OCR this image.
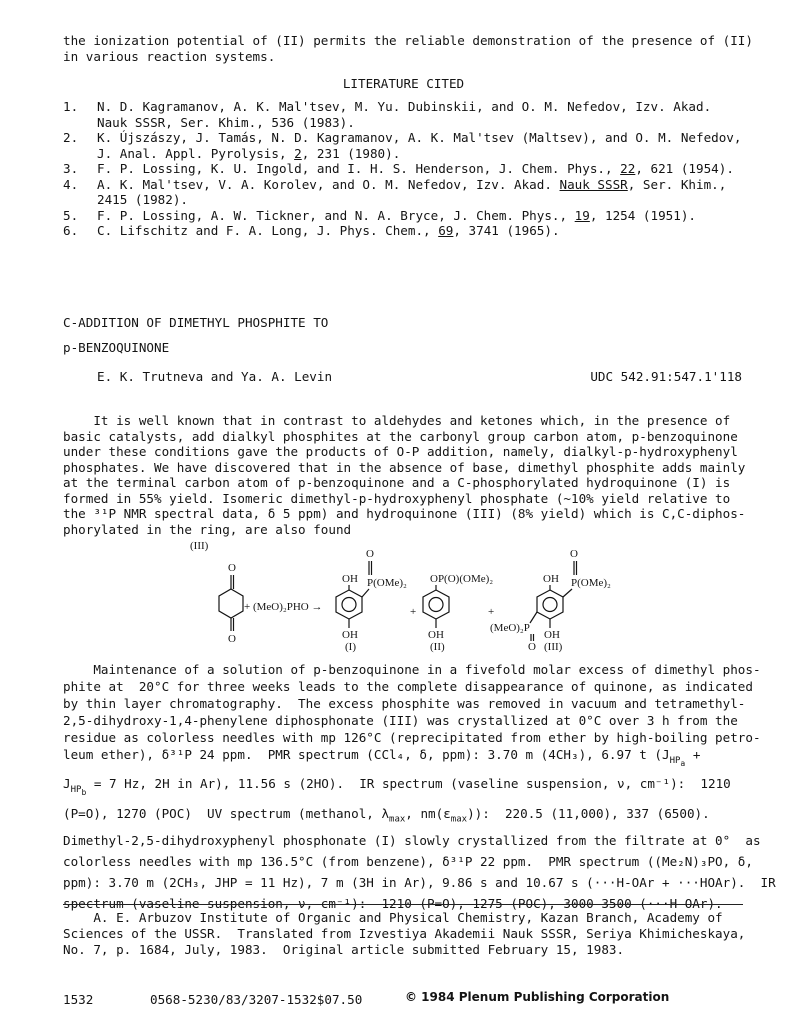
the ionization potential of (II) permits the reliable demonstration of the presence of (II)
in various reaction systems.
LITERATURE CITED
1. N. D. Kagramanov, A. K. Mal'tsev, M. Yu. Dubinskii, and O. M. Nefedov, Izv. Akad.
Nauk SSSR, Ser. Khim., 536 (1983).
2. K. Újszászy, J. Tamás, N. D. Kagramanov, A. K. Mal'tsev (Maltsev), and O. M. Nefedov,
J. Anal. Appl. Pyrolysis, 2, 231 (1980).
3. F. P. Lossing, K. U. Ingold, and I. H. S. Henderson, J. Chem. Phys., 22, 621 (1954).
4. A. K. Mal'tsev, V. A. Korolev, and O. M. Nefedov, Izv. Akad. Nauk SSSR, Ser. Khim.,
2415 (1982).
5. F. P. Lossing, A. W. Tickner, and N. A. Bryce, J. Chem. Phys., 19, 1254 (1951).
6. C. Lifschitz and F. A. Long, J. Phys. Chem., 69, 3741 (1965).
C-ADDITION OF DIMETHYL PHOSPHITE TO
p-BENZOQUINONE
E. K. Trutneva and Ya. A. Levin	UDC 542.91:547.1'118
It is well known that in contrast to aldehydes and ketones which, in the presence of
basic catalysts, add dialkyl phosphites at the carbonyl group carbon atom, p-benzoquinone
under these conditions gave the products of O-P addition, namely, dialkyl-p-hydroxyphenyl
phosphates. We have discovered that in the absence of base, dimethyl phosphite adds mainly
at the terminal carbon atom of p-benzoquinone and a C-phosphorylated hydroquinone (I) is
formed in 55% yield. Isomeric dimethyl-p-hydroxyphenyl phosphate (~10% yield relative to
the ³¹P NMR spectral data, δ 5 ppm) and hydroquinone (III) (8% yield) which is C,C-diphos-
phorylated in the ring, are also found
(III)
O
O
+ (MeO)₂PHO →
OH
O
P(OMe)₂
OH
(I)
+
OP(O)(OMe)₂
OH
(II)
+
OH
O
P(OMe)₂
(MeO)₂P
OH
O (III)
Maintenance of a solution of p-benzoquinone in a fivefold molar excess of dimethyl phos-
phite at  20°C for three weeks leads to the complete disappearance of quinone, as indicated
by thin layer chromatography.  The excess phosphite was removed in vacuum and tetramethyl-
2,5-dihydroxy-1,4-phenylene diphosphonate (III) was crystallized at 0°C over 3 h from the
residue as colorless needles with mp 126°C (reprecipitated from ether by high-boiling petro-
leum ether), δ³¹P 24 ppm.  PMR spectrum (CCl₄, δ, ppm): 3.70 m (4CH₃), 6.97 t ($J_{HP_a}$ +
$J_{HP_b} = 7$ Hz, 2H in Ar), 11.56 s (2HO).  IR spectrum (vaseline suspension, ν, cm⁻¹):  1210
(P=O), 1270 (POC)  UV spectrum (methanol, $\lambda_{max}$, $nm(\varepsilon_{max})$):  220.5 (11,000), 337 (6500).
Dimethyl-2,5-dihydroxyphenyl phosphonate (I) slowly crystallized from the filtrate at 0°  as
colorless needles with mp 136.5°C (from benzene), δ³¹P 22 ppm.  PMR spectrum ((Me₂N)₃PO, δ,
ppm): 3.70 m (2CH₃, JHP = 11 Hz), 7 m (3H in Ar), 9.86 s and 10.67 s (···H-OAr + ···HOAr).  IR
spectrum (vaseline suspension, ν, cm⁻¹):  1210 (P=O), 1275 (POC), 3000-3500 (···H-OAr).
A. E. Arbuzov Institute of Organic and Physical Chemistry, Kazan Branch, Academy of
Sciences of the USSR.  Translated from Izvestiya Akademii Nauk SSSR, Seriya Khimicheskaya,
No. 7, p. 1684, July, 1983.  Original article submitted February 15, 1983.
1532	0568-5230/83/3207-1532$07.50	© 1984 Plenum Publishing Corporation
